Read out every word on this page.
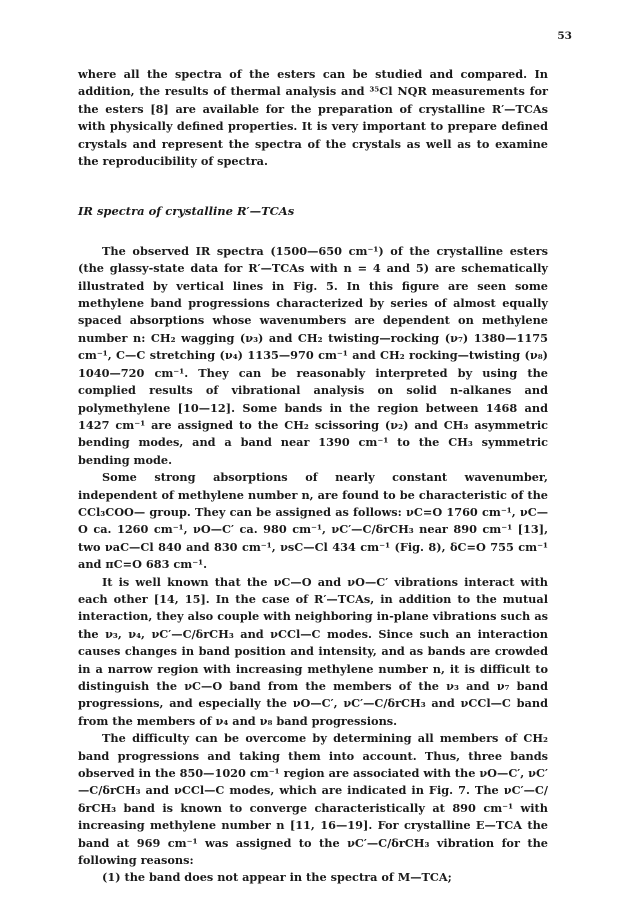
53

where all the spectra of the esters can be studied and compared. In addition, the results of thermal analysis and ³⁵Cl NQR measurements for the esters [8] are available for the preparation of crystalline R′—TCAs with physically defined properties. It is very important to prepare defined crystals and represent the spectra of the crystals as well as to examine the reproducibility of spectra.

IR spectra of crystalline R′—TCAs

The observed IR spectra (1500—650 cm⁻¹) of the crystalline esters (the glassy-state data for R′—TCAs with n = 4 and 5) are schematically illustrated by vertical lines in Fig. 5. In this figure are seen some methylene band progressions characterized by series of almost equally spaced absorptions whose wavenumbers are dependent on methylene number n: CH₂ wagging (ν₃) and CH₂ twisting—rocking (ν₇) 1380—1175 cm⁻¹, C—C stretching (ν₄) 1135—970 cm⁻¹ and CH₂ rocking—twisting (ν₈) 1040—720 cm⁻¹. They can be reasonably interpreted by using the complied results of vibrational analysis on solid n-alkanes and polymethylene [10—12]. Some bands in the region between 1468 and 1427 cm⁻¹ are assigned to the CH₂ scissoring (ν₂) and CH₃ asymmetric bending modes, and a band near 1390 cm⁻¹ to the CH₃ symmetric bending mode.

Some strong absorptions of nearly constant wavenumber, independent of methylene number n, are found to be characteristic of the CCl₃COO— group. They can be assigned as follows: νC=O 1760 cm⁻¹, νC—O ca. 1260 cm⁻¹, νO—C′ ca. 980 cm⁻¹, νC′—C/δrCH₃ near 890 cm⁻¹ [13], two νaC—Cl 840 and 830 cm⁻¹, νsC—Cl 434 cm⁻¹ (Fig. 8), δC=O 755 cm⁻¹ and πC=O 683 cm⁻¹.

It is well known that the νC—O and νO—C′ vibrations interact with each other [14, 15]. In the case of R′—TCAs, in addition to the mutual interaction, they also couple with neighboring in-plane vibrations such as the ν₃, ν₄, νC′—C/δrCH₃ and νCCl—C modes. Since such an interaction causes changes in band position and intensity, and as bands are crowded in a narrow region with increasing methylene number n, it is difficult to distinguish the νC—O band from the members of the ν₃ and ν₇ band progressions, and especially the νO—C′, νC′—C/δrCH₃ and νCCl—C band from the members of ν₄ and ν₈ band progressions.

The difficulty can be overcome by determining all members of CH₂ band progressions and taking them into account. Thus, three bands observed in the 850—1020 cm⁻¹ region are associated with the νO—C′, νC′—C/δrCH₃ and νCCl—C modes, which are indicated in Fig. 7. The νC′—C/δrCH₃ band is known to converge characteristically at 890 cm⁻¹ with increasing methylene number n [11, 16—19]. For crystalline E—TCA the band at 969 cm⁻¹ was assigned to the νC′—C/δrCH₃ vibration for the following reasons:

(1) the band does not appear in the spectra of M—TCA;
